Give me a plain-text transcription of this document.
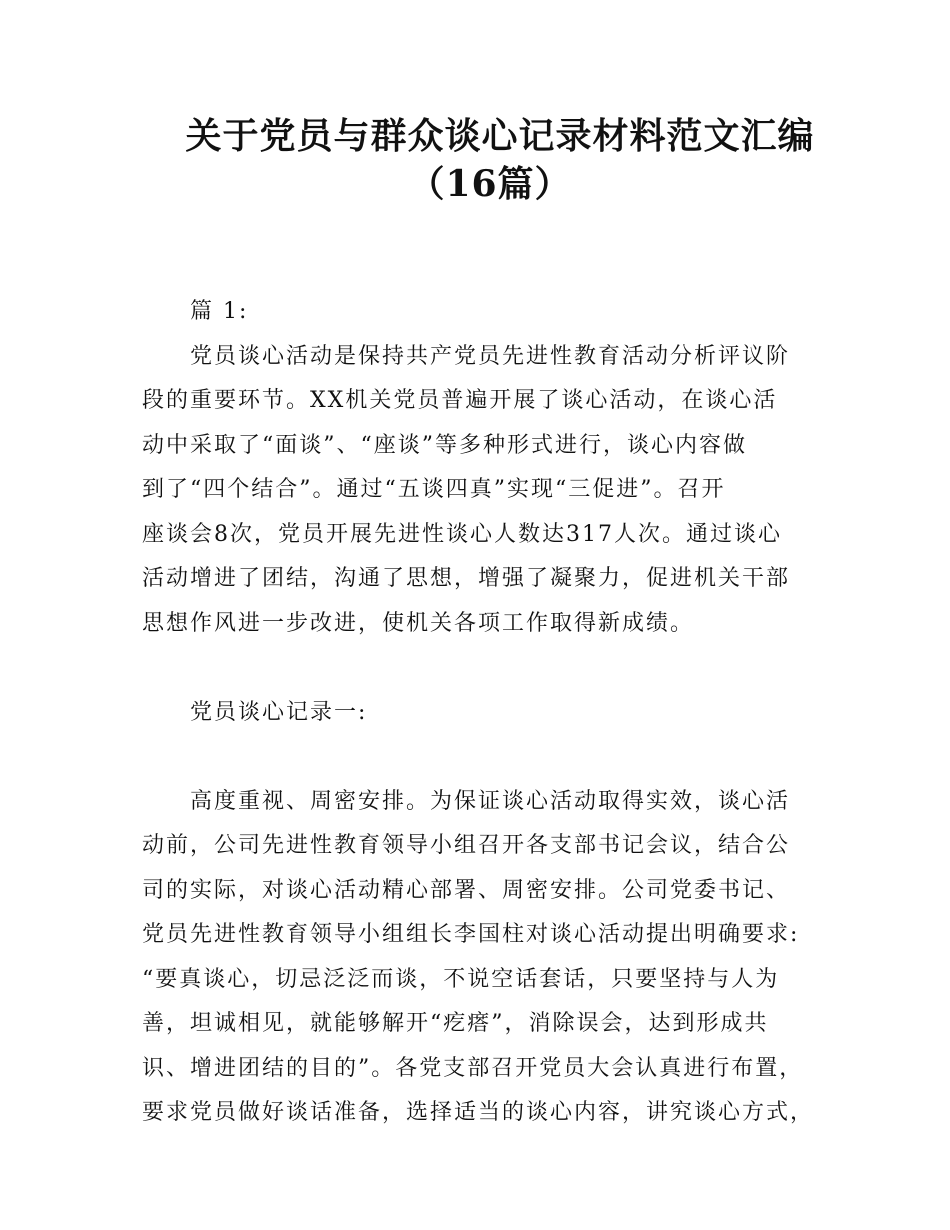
关于党员与群众谈心记录材料范文汇编
（16篇）
篇 1:
党员谈心活动是保持共产党员先进性教育活动分析评议阶
段的重要环节。XX机关党员普遍开展了谈心活动，在谈心活
动中采取了“面谈”、“座谈”等多种形式进行，谈心内容做
到了“四个结合”。通过“五谈四真”实现“三促进”。召开
座谈会8次，党员开展先进性谈心人数达317人次。通过谈心
活动增进了团结，沟通了思想，增强了凝聚力，促进机关干部
思想作风进一步改进，使机关各项工作取得新成绩。
党员谈心记录一:
高度重视、周密安排。为保证谈心活动取得实效，谈心活
动前，公司先进性教育领导小组召开各支部书记会议，结合公
司的实际，对谈心活动精心部署、周密安排。公司党委书记、
党员先进性教育领导小组组长李国柱对谈心活动提出明确要求:
“要真谈心，切忌泛泛而谈，不说空话套话，只要坚持与人为
善，坦诚相见，就能够解开“疙瘩”，消除误会，达到形成共
识、增进团结的目的”。各党支部召开党员大会认真进行布置，
要求党员做好谈话准备，选择适当的谈心内容，讲究谈心方式，
